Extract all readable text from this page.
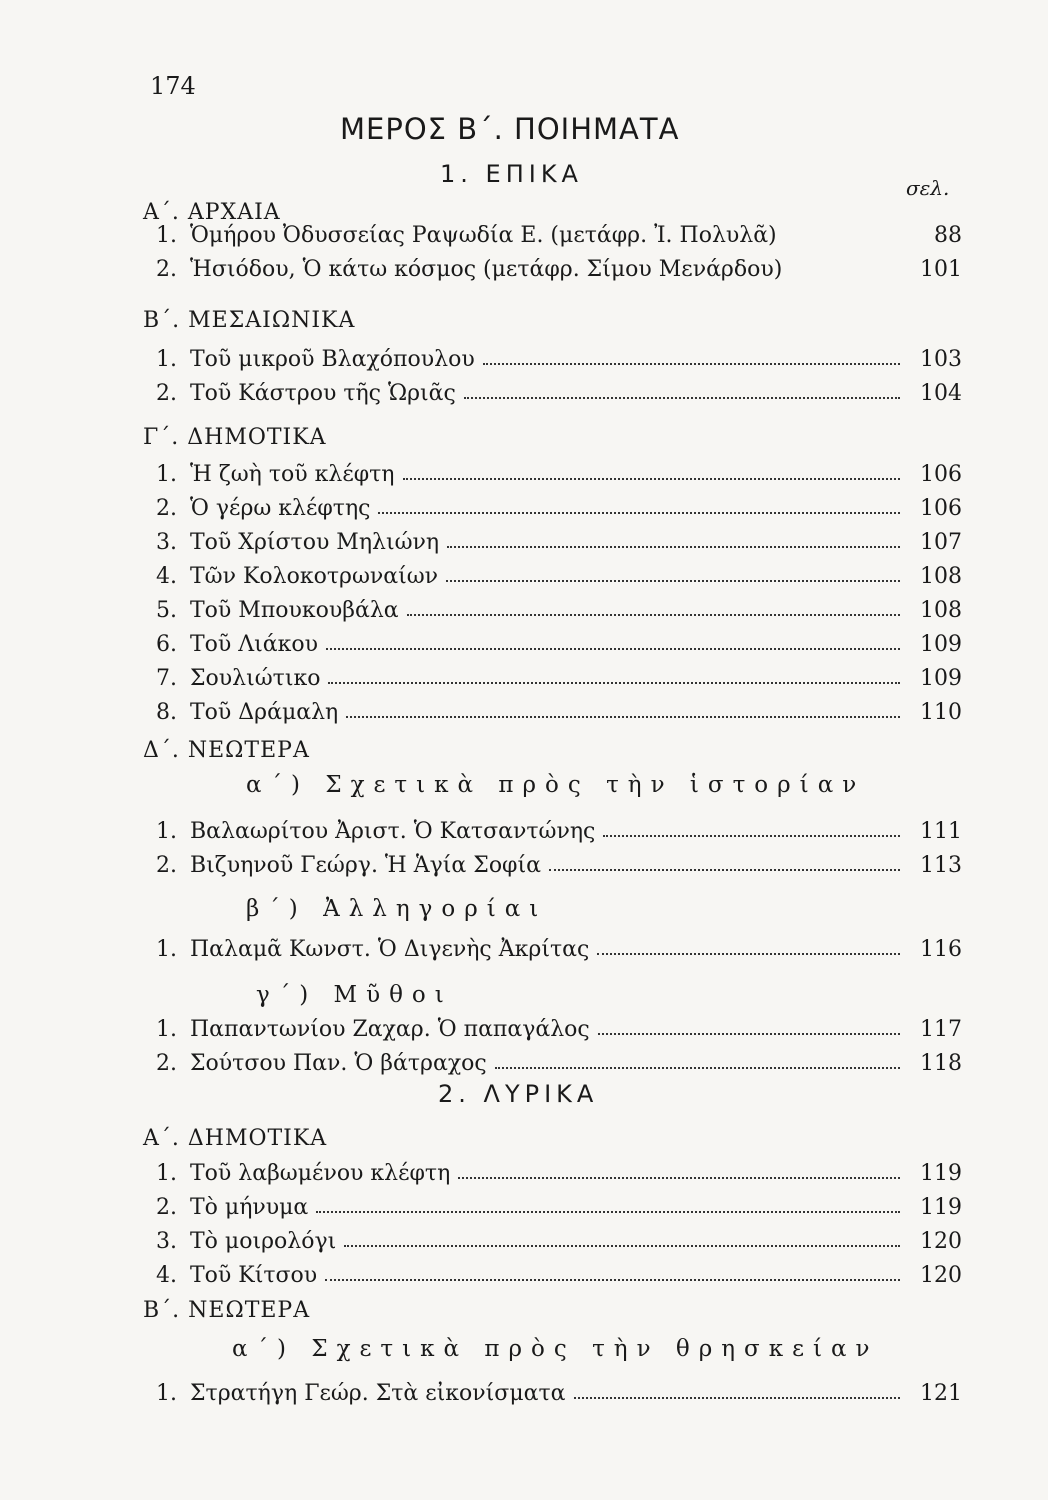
174
ΜΕΡΟΣ Β΄. ΠΟΙΗΜΑΤΑ
1. ΕΠΙΚΑ	σελ.
Α΄. ΑΡΧΑΙΑ
1. Ὁμήρου Ὀδυσσείας Ραψωδία Ε. (μετάφρ. Ἰ. Πολυλᾶ)	88
2. Ἡσιόδου, Ὁ κάτω κόσμος (μετάφρ. Σίμου Μενάρδου)	101
Β΄. ΜΕΣΑΙΩΝΙΚΑ
1. Τοῦ μικροῦ Βλαχόπουλου	103
2. Τοῦ Κάστρου τῆς Ὡριᾶς	104
Γ΄. ΔΗΜΟΤΙΚΑ
1. Ἡ ζωὴ τοῦ κλέφτη	106
2. Ὁ γέρω κλέφτης	106
3. Τοῦ Χρίστου Μηλιώνη	107
4. Τῶν Κολοκοτρωναίων	108
5. Τοῦ Μπουκουβάλα	108
6. Τοῦ Λιάκου	109
7. Σουλιώτικο	109
8. Τοῦ Δράμαλη	110
Δ΄. ΝΕΩΤΕΡΑ
α΄) Σχετικὰ πρὸς τὴν ἱστορίαν
1. Βαλαωρίτου Ἀριστ. Ὁ Κατσαντώνης	111
2. Βιζυηνοῦ Γεώργ. Ἡ Ἁγία Σοφία	113
β΄) Ἀλληγορίαι
1. Παλαμᾶ Κωνστ. Ὁ Διγενὴς Ἀκρίτας	116
γ΄) Μῦθοι
1. Παπαντωνίου Ζαχαρ. Ὁ παπαγάλος	117
2. Σούτσου Παν. Ὁ βάτραχος	118
2. ΛΥΡΙΚΑ
Α΄. ΔΗΜΟΤΙΚΑ
1. Τοῦ λαβωμένου κλέφτη	119
2. Τὸ μήνυμα	119
3. Τὸ μοιρολόγι	120
4. Τοῦ Κίτσου	120
Β΄. ΝΕΩΤΕΡΑ
α΄) Σχετικὰ πρὸς τὴν θρησκείαν
1. Στρατήγη Γεώρ. Στὰ εἰκονίσματα	121
